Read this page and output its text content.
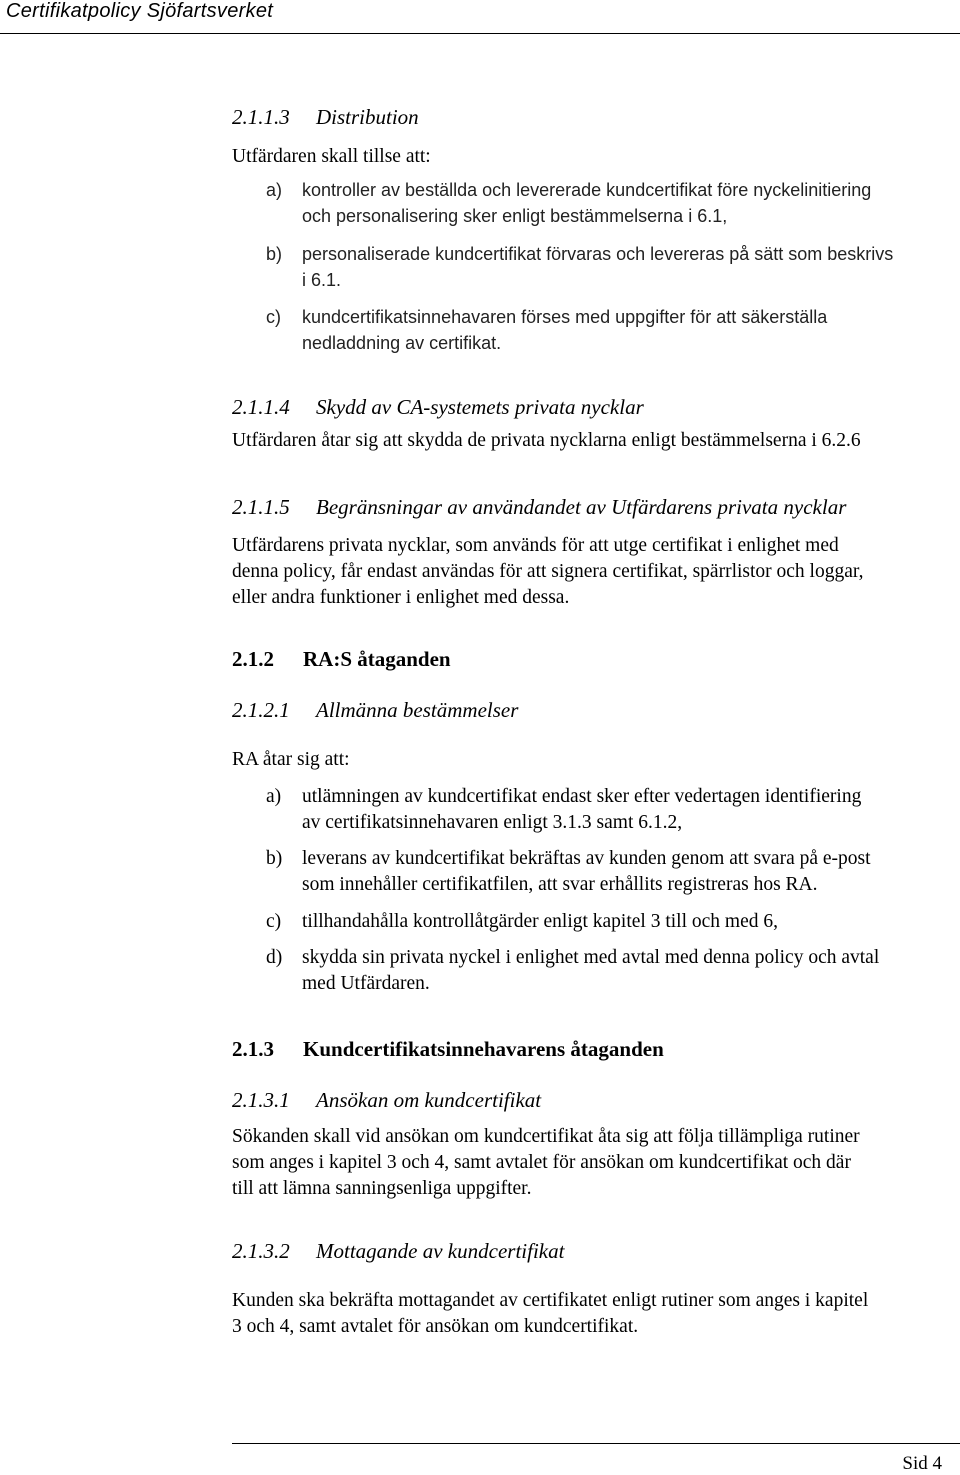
Certifikatpolicy Sjöfartsverket
2.1.1.3 Distribution
Utfärdaren skall tillse att:
a) kontroller av beställda och levererade kundcertifikat före nyckelinitiering
och personalisering sker enligt bestämmelserna i 6.1,
b) personaliserade kundcertifikat förvaras och levereras på sätt som beskrivs
i 6.1.
c) kundcertifikatsinnehavaren förses med uppgifter för att säkerställa
nedladdning av certifikat.
2.1.1.4 Skydd av CA-systemets privata nycklar
Utfärdaren åtar sig att skydda de privata nycklarna enligt bestämmelserna i 6.2.6
2.1.1.5 Begränsningar av användandet av Utfärdarens privata nycklar
Utfärdarens privata nycklar, som används för att utge certifikat i enlighet med
denna policy, får endast användas för att signera certifikat, spärrlistor och loggar,
eller andra funktioner i enlighet med dessa.
2.1.2 RA:S åtaganden
2.1.2.1 Allmänna bestämmelser
RA åtar sig att:
a) utlämningen av kundcertifikat endast sker efter vedertagen identifiering
av certifikatsinnehavaren enligt 3.1.3 samt 6.1.2,
b) leverans av kundcertifikat bekräftas av kunden genom att svara på e-post
som innehåller certifikatfilen, att svar erhållits registreras hos RA.
c) tillhandahålla kontrollåtgärder enligt kapitel 3 till och med 6,
d) skydda sin privata nyckel i enlighet med avtal med denna policy och avtal
med Utfärdaren.
2.1.3 Kundcertifikatsinnehavarens åtaganden
2.1.3.1 Ansökan om kundcertifikat
Sökanden skall vid ansökan om kundcertifikat åta sig att följa tillämpliga rutiner
som anges i kapitel 3 och 4, samt avtalet för ansökan om kundcertifikat och där
till att lämna sanningsenliga uppgifter.
2.1.3.2 Mottagande av kundcertifikat
Kunden ska bekräfta mottagandet av certifikatet enligt rutiner som anges i kapitel
3 och 4, samt avtalet för ansökan om kundcertifikat.
Sid 4
